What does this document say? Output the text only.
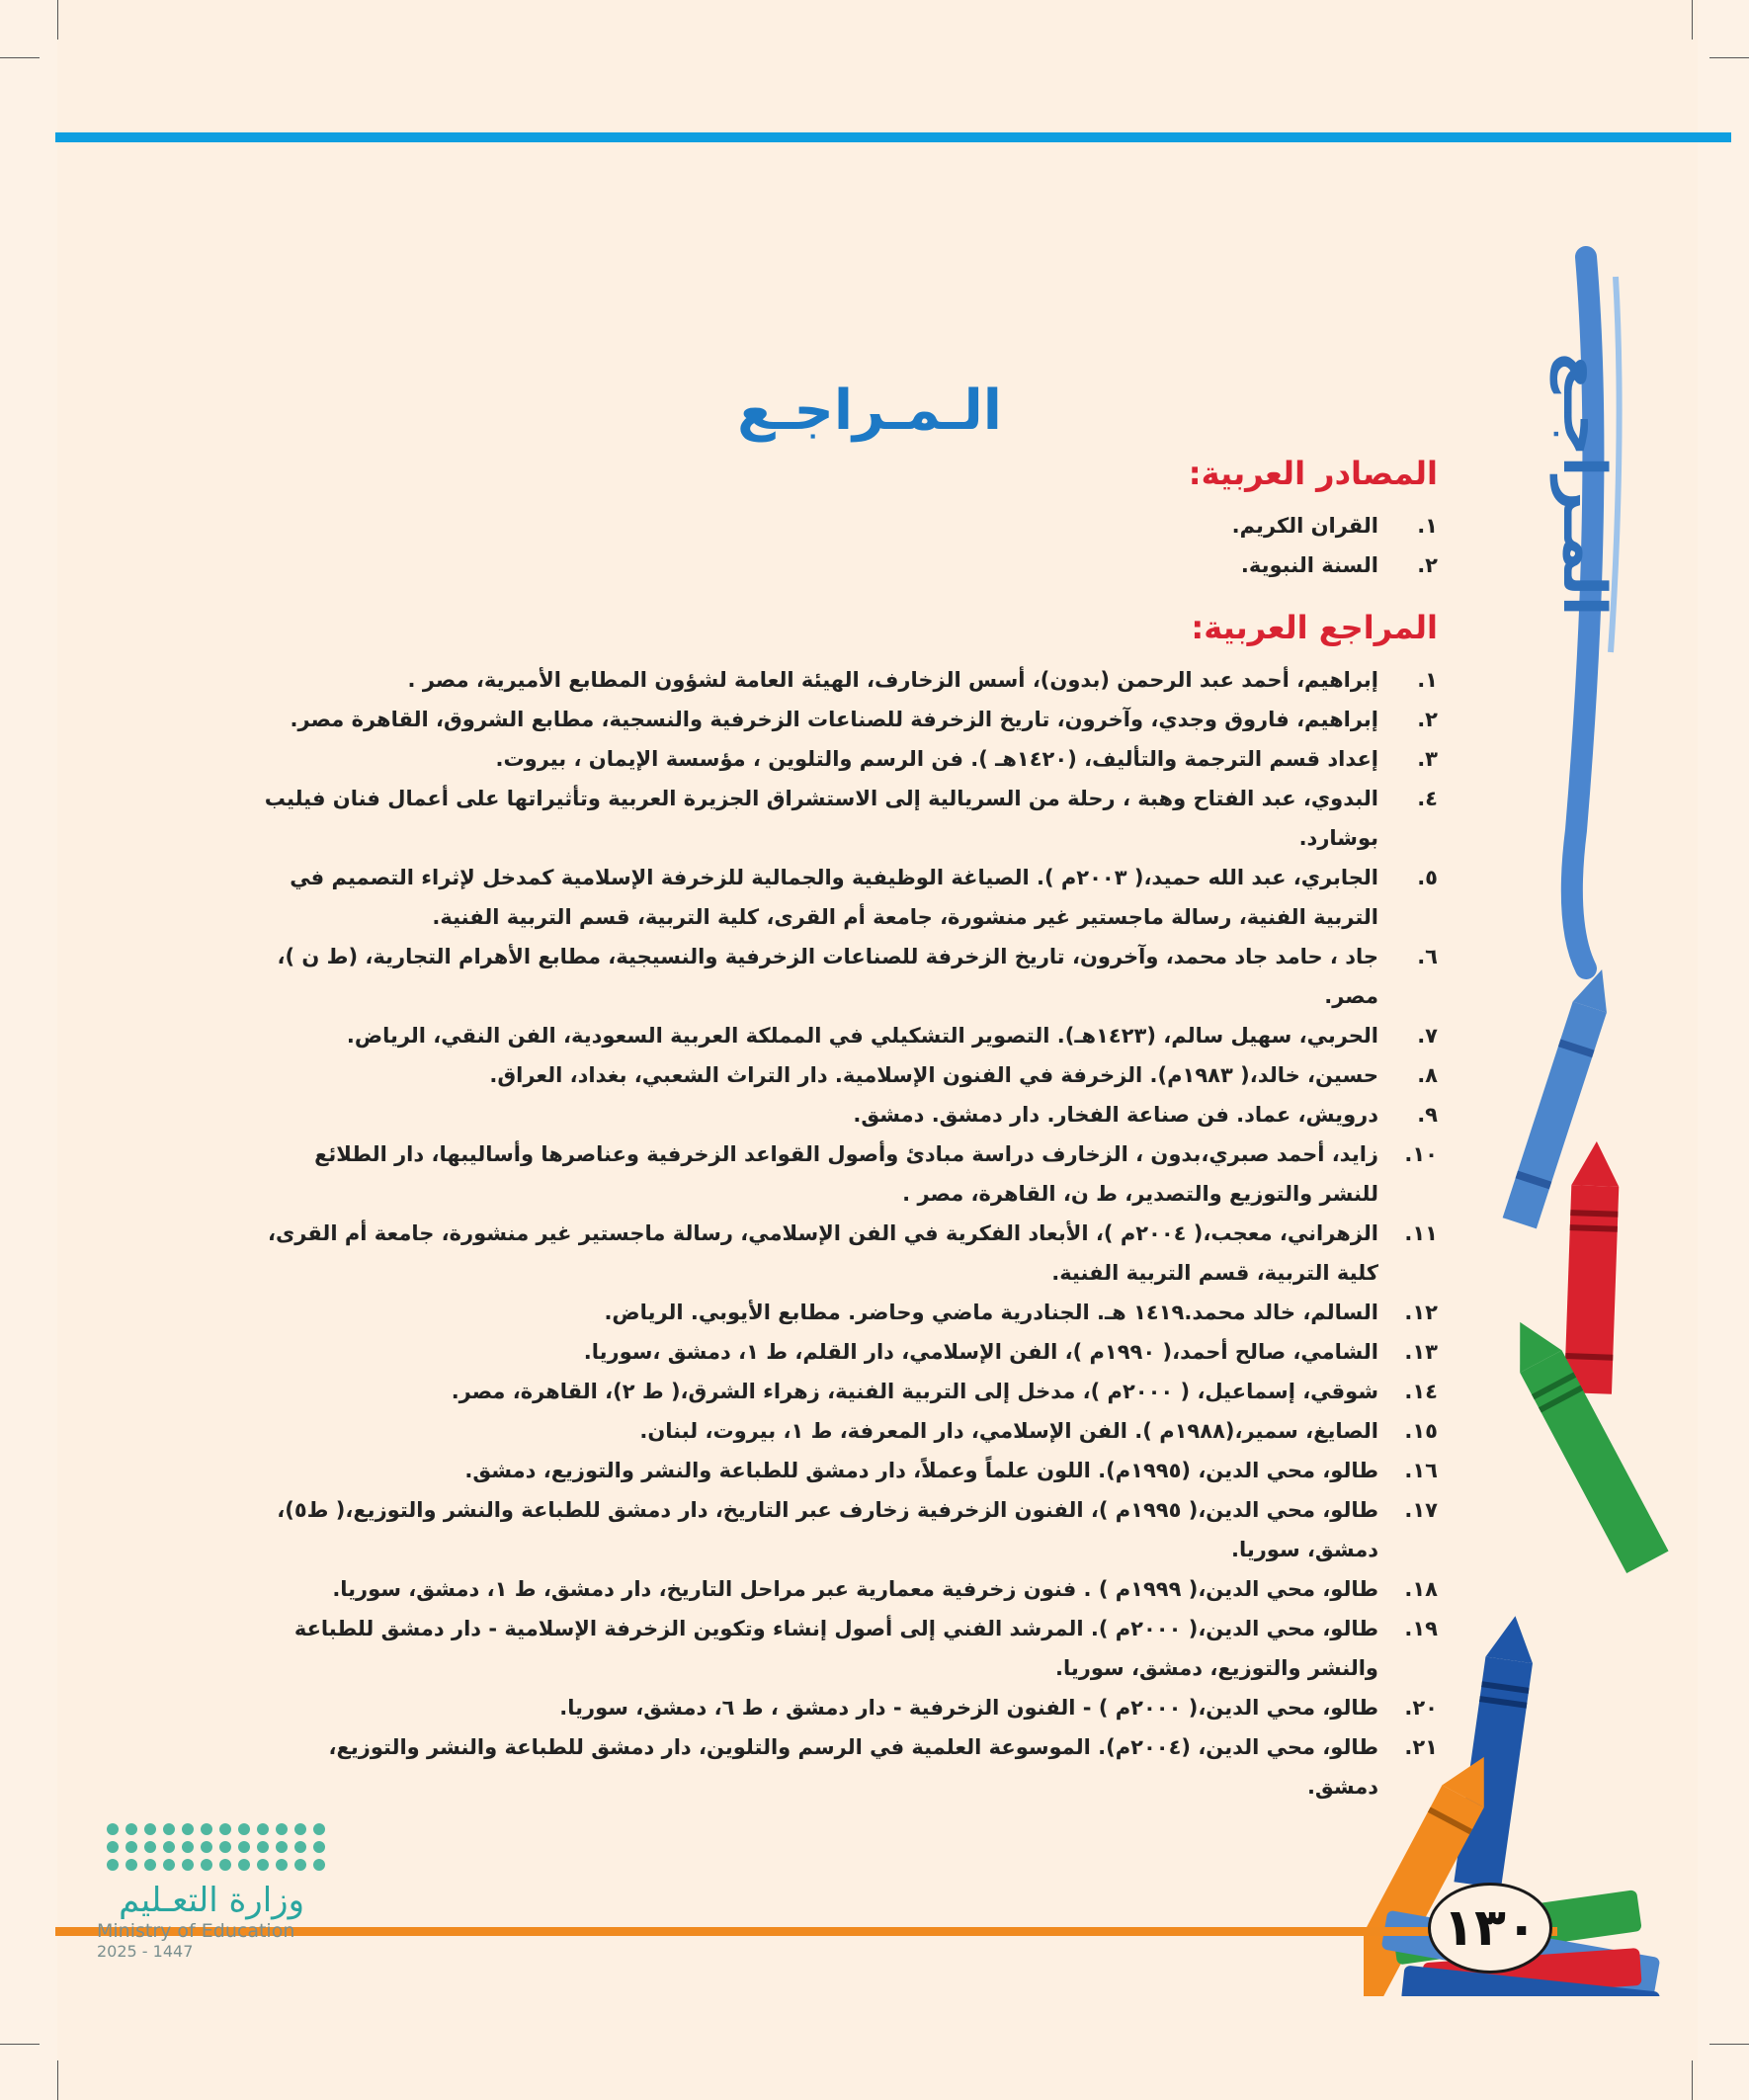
المـراجـع
الـمـراجـع
المصادر العربية:
١.
القران الكريم.
٢.
السنة النبوية.
المراجع العربية:
١.
إبراهيم، أحمد عبد الرحمن (بدون)، أسس الزخارف، الهيئة العامة لشؤون المطابع الأميرية، مصر .
٢.
إبراهيم، فاروق وجدي، وآخرون، تاريخ الزخرفة للصناعات الزخرفية والنسجية، مطابع الشروق، القاهرة مصر.
٣.
إعداد قسم الترجمة والتأليف، (١٤٢٠هـ ). فن الرسم والتلوين ، مؤسسة الإيمان ، بيروت.
٤.
البدوي، عبد الفتاح وهبة ، رحلة من السريالية إلى الاستشراق الجزيرة العربية وتأثيراتها على أعمال فنان فيليب بوشارد.
٥.
الجابري، عبد الله حميد،( ٢٠٠٣م ). الصياغة الوظيفية والجمالية للزخرفة الإسلامية كمدخل لإثراء التصميم في التربية الفنية، رسالة ماجستير غير منشورة، جامعة أم القرى، كلية التربية، قسم التربية الفنية.
٦.
جاد ، حامد جاد محمد، وآخرون، تاريخ الزخرفة للصناعات الزخرفية والنسيجية، مطابع الأهرام التجارية، (ط ن )، مصر.
٧.
الحربي، سهيل سالم، (١٤٢٣هـ). التصوير التشكيلي في المملكة العربية السعودية، الفن النقي، الرياض.
٨.
حسين، خالد،( ١٩٨٣م). الزخرفة في الفنون الإسلامية. دار التراث الشعبي، بغداد، العراق.
٩.
درويش، عماد. فن صناعة الفخار. دار دمشق. دمشق.
١٠.
زايد، أحمد صبري،بدون ، الزخارف دراسة مبادئ وأصول القواعد الزخرفية وعناصرها وأساليبها، دار الطلائع للنشر والتوزيع والتصدير، ط ن، القاهرة، مصر .
١١.
الزهراني، معجب،( ٢٠٠٤م )، الأبعاد الفكرية في الفن الإسلامي، رسالة ماجستير غير منشورة، جامعة أم القرى، كلية التربية، قسم التربية الفنية.
١٢.
السالم، خالد محمد.١٤١٩ هـ. الجنادرية ماضي وحاضر. مطابع الأيوبي. الرياض.
١٣.
الشامي، صالح أحمد،( ١٩٩٠م )، الفن الإسلامي، دار القلم، ط ١، دمشق ،سوريا.
١٤.
شوقي، إسماعيل، ( ٢٠٠٠م )، مدخل إلى التربية الفنية، زهراء الشرق،( ط ٢)، القاهرة، مصر.
١٥.
الصايغ، سمير،(١٩٨٨م ). الفن الإسلامي، دار المعرفة، ط ١، بيروت، لبنان.
١٦.
طالو، محي الدين، (١٩٩٥م). اللون علماً وعملاً، دار دمشق للطباعة والنشر والتوزيع، دمشق.
١٧.
طالو، محي الدين،( ١٩٩٥م )، الفنون الزخرفية زخارف عبر التاريخ، دار دمشق للطباعة والنشر والتوزيع،( ط٥)، دمشق، سوريا.
١٨.
طالو، محي الدين،( ١٩٩٩م ) . فنون زخرفية معمارية عبر مراحل التاريخ، دار دمشق، ط ١، دمشق، سوريا.
١٩.
طالو، محي الدين،( ٢٠٠٠م ). المرشد الفني إلى أصول إنشاء وتكوين الزخرفة الإسلامية - دار دمشق للطباعة والنشر والتوزيع، دمشق، سوريا.
٢٠.
طالو، محي الدين،( ٢٠٠٠م ) - الفنون الزخرفية - دار دمشق ، ط ٦، دمشق، سوريا.
٢١.
طالو، محي الدين، (٢٠٠٤م). الموسوعة العلمية في الرسم والتلوين، دار دمشق للطباعة والنشر والتوزيع، دمشق.
١٣٠
وزارة التعـليم
Ministry of Education
2025 - 1447
